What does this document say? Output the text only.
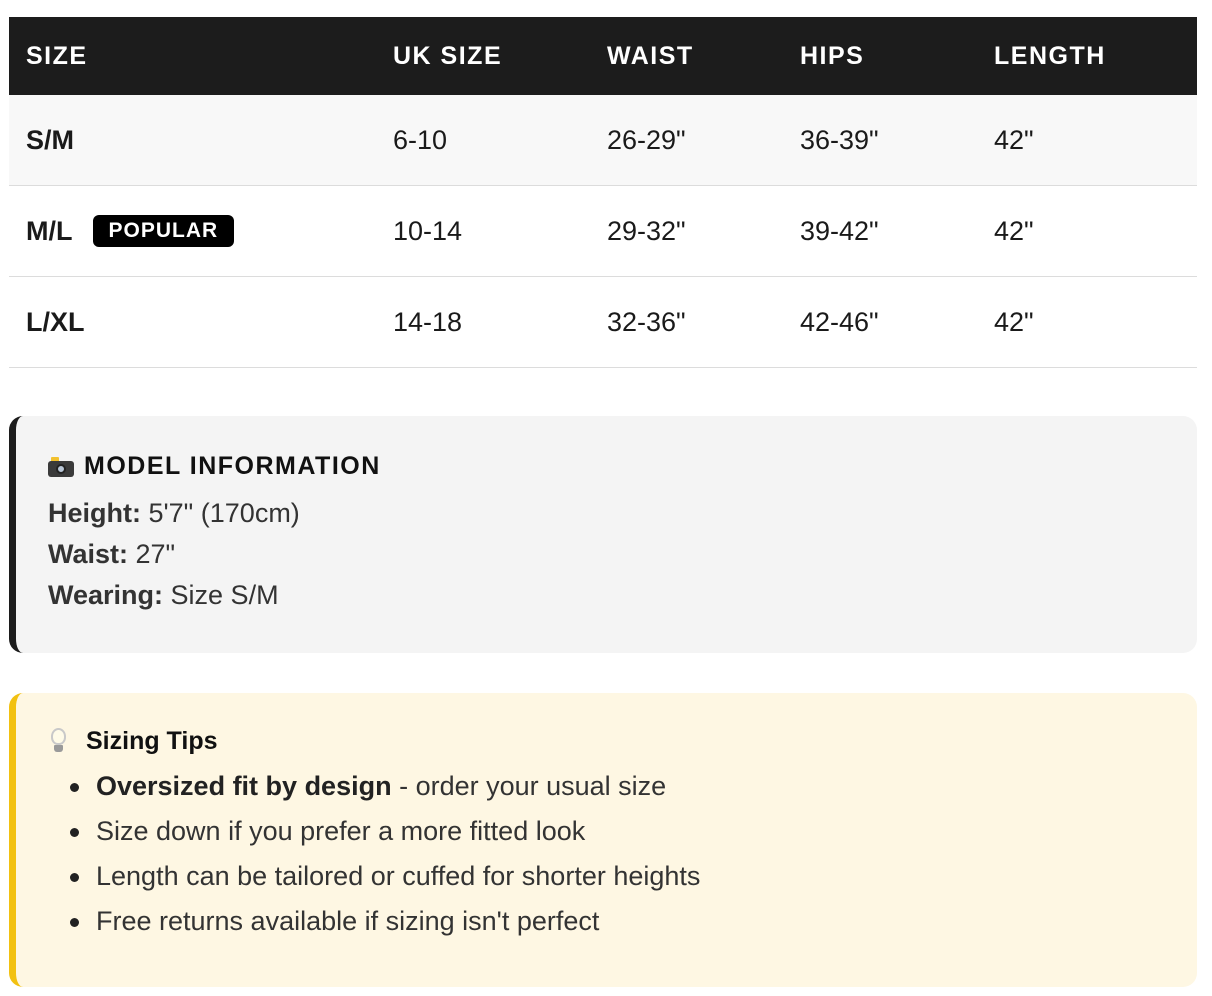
SIZE	UK SIZE	WAIST	HIPS	LENGTH
S/M	6-10	26-29"	36-39"	42"
M/L POPULAR	10-14	29-32"	39-42"	42"
L/XL	14-18	32-36"	42-46"	42"
MODEL INFORMATION
Height: 5'7" (170cm)
Waist: 27"
Wearing: Size S/M
Sizing Tips
Oversized fit by design - order your usual size
Size down if you prefer a more fitted look
Length can be tailored or cuffed for shorter heights
Free returns available if sizing isn't perfect
